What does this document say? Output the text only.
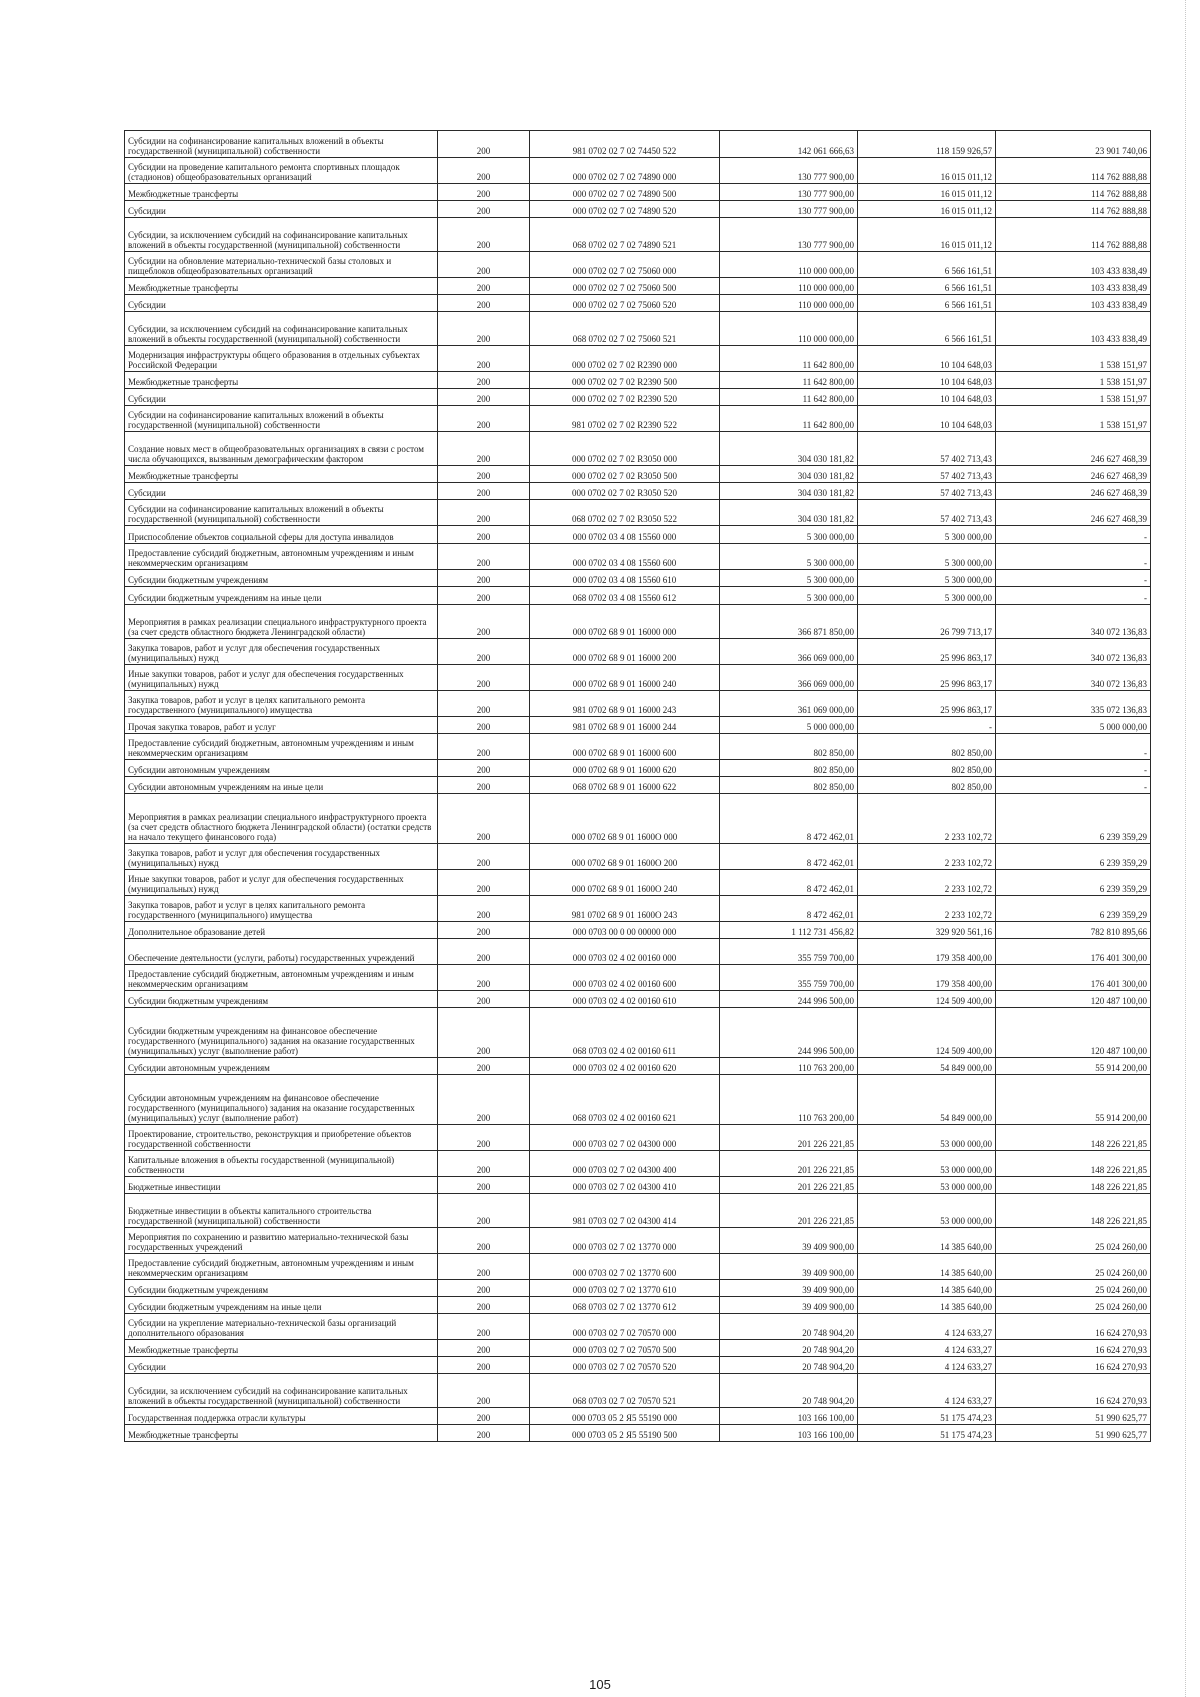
Субсидии на софинансирование капитальных вложений в объекты государственной (муниципальной) собственности	200	981 0702 02 7 02 74450 522	142 061 666,63	118 159 926,57	23 901 740,06
Субсидии на проведение капитального ремонта спортивных площадок (стадионов) общеобразовательных организаций	200	000 0702 02 7 02 74890 000	130 777 900,00	16 015 011,12	114 762 888,88
Межбюджетные трансферты	200	000 0702 02 7 02 74890 500	130 777 900,00	16 015 011,12	114 762 888,88
Субсидии	200	000 0702 02 7 02 74890 520	130 777 900,00	16 015 011,12	114 762 888,88
Субсидии, за исключением субсидий на софинансирование капитальных вложений в объекты государственной (муниципальной) собственности	200	068 0702 02 7 02 74890 521	130 777 900,00	16 015 011,12	114 762 888,88
Субсидии на обновление материально-технической базы столовых и пищеблоков общеобразовательных организаций	200	000 0702 02 7 02 75060 000	110 000 000,00	6 566 161,51	103 433 838,49
Межбюджетные трансферты	200	000 0702 02 7 02 75060 500	110 000 000,00	6 566 161,51	103 433 838,49
Субсидии	200	000 0702 02 7 02 75060 520	110 000 000,00	6 566 161,51	103 433 838,49
Субсидии, за исключением субсидий на софинансирование капитальных вложений в объекты государственной (муниципальной) собственности	200	068 0702 02 7 02 75060 521	110 000 000,00	6 566 161,51	103 433 838,49
Модернизация инфраструктуры общего образования в отдельных субъектах Российской Федерации	200	000 0702 02 7 02 R2390 000	11 642 800,00	10 104 648,03	1 538 151,97
Межбюджетные трансферты	200	000 0702 02 7 02 R2390 500	11 642 800,00	10 104 648,03	1 538 151,97
Субсидии	200	000 0702 02 7 02 R2390 520	11 642 800,00	10 104 648,03	1 538 151,97
Субсидии на софинансирование капитальных вложений в объекты государственной (муниципальной) собственности	200	981 0702 02 7 02 R2390 522	11 642 800,00	10 104 648,03	1 538 151,97
Создание новых мест в общеобразовательных организациях в связи с ростом числа обучающихся, вызванным демографическим фактором	200	000 0702 02 7 02 R3050 000	304 030 181,82	57 402 713,43	246 627 468,39
Межбюджетные трансферты	200	000 0702 02 7 02 R3050 500	304 030 181,82	57 402 713,43	246 627 468,39
Субсидии	200	000 0702 02 7 02 R3050 520	304 030 181,82	57 402 713,43	246 627 468,39
Субсидии на софинансирование капитальных вложений в объекты государственной (муниципальной) собственности	200	068 0702 02 7 02 R3050 522	304 030 181,82	57 402 713,43	246 627 468,39
Приспособление объектов социальной сферы для доступа инвалидов	200	000 0702 03 4 08 15560 000	5 300 000,00	5 300 000,00	-
Предоставление субсидий бюджетным, автономным учреждениям и иным некоммерческим организациям	200	000 0702 03 4 08 15560 600	5 300 000,00	5 300 000,00	-
Субсидии бюджетным учреждениям	200	000 0702 03 4 08 15560 610	5 300 000,00	5 300 000,00	-
Субсидии бюджетным учреждениям на иные цели	200	068 0702 03 4 08 15560 612	5 300 000,00	5 300 000,00	-
Мероприятия в рамках реализации специального инфраструктурного проекта (за счет средств областного бюджета Ленинградской области)	200	000 0702 68 9 01 16000 000	366 871 850,00	26 799 713,17	340 072 136,83
Закупка товаров, работ и услуг для обеспечения государственных (муниципальных) нужд	200	000 0702 68 9 01 16000 200	366 069 000,00	25 996 863,17	340 072 136,83
Иные закупки товаров, работ и услуг для обеспечения государственных (муниципальных) нужд	200	000 0702 68 9 01 16000 240	366 069 000,00	25 996 863,17	340 072 136,83
Закупка товаров, работ и услуг в целях капитального ремонта государственного (муниципального) имущества	200	981 0702 68 9 01 16000 243	361 069 000,00	25 996 863,17	335 072 136,83
Прочая закупка товаров, работ и услуг	200	981 0702 68 9 01 16000 244	5 000 000,00	-	5 000 000,00
Предоставление субсидий бюджетным, автономным учреждениям и иным некоммерческим организациям	200	000 0702 68 9 01 16000 600	802 850,00	802 850,00	-
Субсидии автономным учреждениям	200	000 0702 68 9 01 16000 620	802 850,00	802 850,00	-
Субсидии автономным учреждениям на иные цели	200	068 0702 68 9 01 16000 622	802 850,00	802 850,00	-
Мероприятия в рамках реализации специального инфраструктурного проекта (за счет средств областного бюджета Ленинградской области) (остатки средств на начало текущего финансового года)	200	000 0702 68 9 01 1600О 000	8 472 462,01	2 233 102,72	6 239 359,29
Закупка товаров, работ и услуг для обеспечения государственных (муниципальных) нужд	200	000 0702 68 9 01 1600О 200	8 472 462,01	2 233 102,72	6 239 359,29
Иные закупки товаров, работ и услуг для обеспечения государственных (муниципальных) нужд	200	000 0702 68 9 01 1600О 240	8 472 462,01	2 233 102,72	6 239 359,29
Закупка товаров, работ и услуг в целях капитального ремонта государственного (муниципального) имущества	200	981 0702 68 9 01 1600О 243	8 472 462,01	2 233 102,72	6 239 359,29
Дополнительное образование детей	200	000 0703 00 0 00 00000 000	1 112 731 456,82	329 920 561,16	782 810 895,66
Обеспечение деятельности (услуги, работы) государственных учреждений	200	000 0703 02 4 02 00160 000	355 759 700,00	179 358 400,00	176 401 300,00
Предоставление субсидий бюджетным, автономным учреждениям и иным некоммерческим организациям	200	000 0703 02 4 02 00160 600	355 759 700,00	179 358 400,00	176 401 300,00
Субсидии бюджетным учреждениям	200	000 0703 02 4 02 00160 610	244 996 500,00	124 509 400,00	120 487 100,00
Субсидии бюджетным учреждениям на финансовое обеспечение государственного (муниципального) задания на оказание государственных (муниципальных) услуг (выполнение работ)	200	068 0703 02 4 02 00160 611	244 996 500,00	124 509 400,00	120 487 100,00
Субсидии автономным учреждениям	200	000 0703 02 4 02 00160 620	110 763 200,00	54 849 000,00	55 914 200,00
Субсидии автономным учреждениям на финансовое обеспечение государственного (муниципального) задания на оказание государственных (муниципальных) услуг (выполнение работ)	200	068 0703 02 4 02 00160 621	110 763 200,00	54 849 000,00	55 914 200,00
Проектирование, строительство, реконструкция и приобретение объектов государственной собственности	200	000 0703 02 7 02 04300 000	201 226 221,85	53 000 000,00	148 226 221,85
Капитальные вложения в объекты государственной (муниципальной) собственности	200	000 0703 02 7 02 04300 400	201 226 221,85	53 000 000,00	148 226 221,85
Бюджетные инвестиции	200	000 0703 02 7 02 04300 410	201 226 221,85	53 000 000,00	148 226 221,85
Бюджетные инвестиции в объекты капитального строительства государственной (муниципальной) собственности	200	981 0703 02 7 02 04300 414	201 226 221,85	53 000 000,00	148 226 221,85
Мероприятия по сохранению и развитию материально-технической базы государственных учреждений	200	000 0703 02 7 02 13770 000	39 409 900,00	14 385 640,00	25 024 260,00
Предоставление субсидий бюджетным, автономным учреждениям и иным некоммерческим организациям	200	000 0703 02 7 02 13770 600	39 409 900,00	14 385 640,00	25 024 260,00
Субсидии бюджетным учреждениям	200	000 0703 02 7 02 13770 610	39 409 900,00	14 385 640,00	25 024 260,00
Субсидии бюджетным учреждениям на иные цели	200	068 0703 02 7 02 13770 612	39 409 900,00	14 385 640,00	25 024 260,00
Субсидии на укрепление материально-технической базы организаций дополнительного образования	200	000 0703 02 7 02 70570 000	20 748 904,20	4 124 633,27	16 624 270,93
Межбюджетные трансферты	200	000 0703 02 7 02 70570 500	20 748 904,20	4 124 633,27	16 624 270,93
Субсидии	200	000 0703 02 7 02 70570 520	20 748 904,20	4 124 633,27	16 624 270,93
Субсидии, за исключением субсидий на софинансирование капитальных вложений в объекты государственной (муниципальной) собственности	200	068 0703 02 7 02 70570 521	20 748 904,20	4 124 633,27	16 624 270,93
Государственная поддержка отрасли культуры	200	000 0703 05 2 Я5 55190 000	103 166 100,00	51 175 474,23	51 990 625,77
Межбюджетные трансферты	200	000 0703 05 2 Я5 55190 500	103 166 100,00	51 175 474,23	51 990 625,77
105
